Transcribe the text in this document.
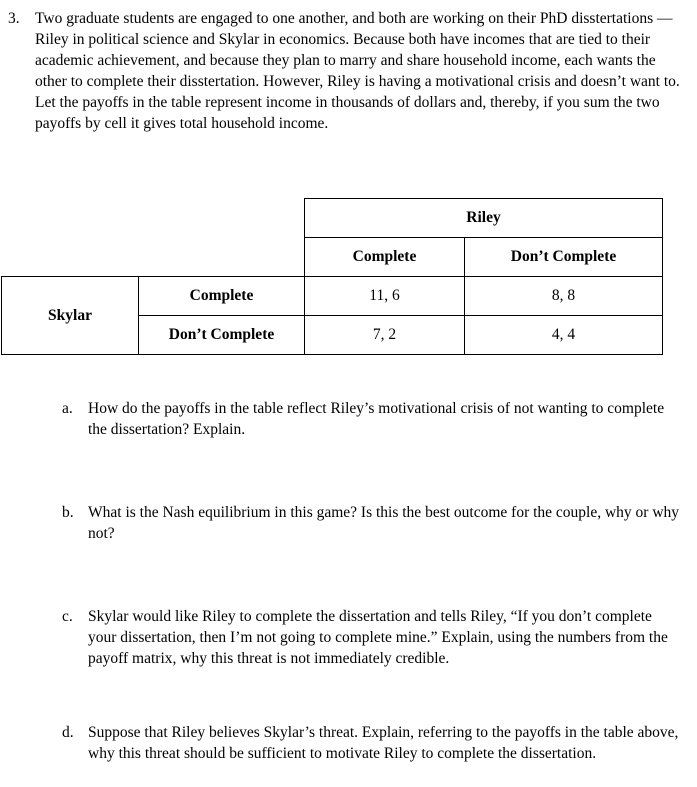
3. Two graduate students are engaged to one another, and both are working on their PhD disstertations — Riley in political science and Skylar in economics. Because both have incomes that are tied to their academic achievement, and because they plan to marry and share household income, each wants the other to complete their disstertation. However, Riley is having a motivational crisis and doesn’t want to. Let the payoffs in the table represent income in thousands of dollars and, thereby, if you sum the two payoffs by cell it gives total household income.
		Riley	
		Complete	Don’t Complete
Skylar	Complete	11, 6	8, 8
	Don’t Complete	7, 2	4, 4
a. How do the payoffs in the table reflect Riley’s motivational crisis of not wanting to complete the dissertation? Explain.
b. What is the Nash equilibrium in this game? Is this the best outcome for the couple, why or why not?
c. Skylar would like Riley to complete the dissertation and tells Riley, “If you don’t complete your dissertation, then I’m not going to complete mine.” Explain, using the numbers from the payoff matrix, why this threat is not immediately credible.
d. Suppose that Riley believes Skylar’s threat. Explain, referring to the payoffs in the table above, why this threat should be sufficient to motivate Riley to complete the dissertation.
